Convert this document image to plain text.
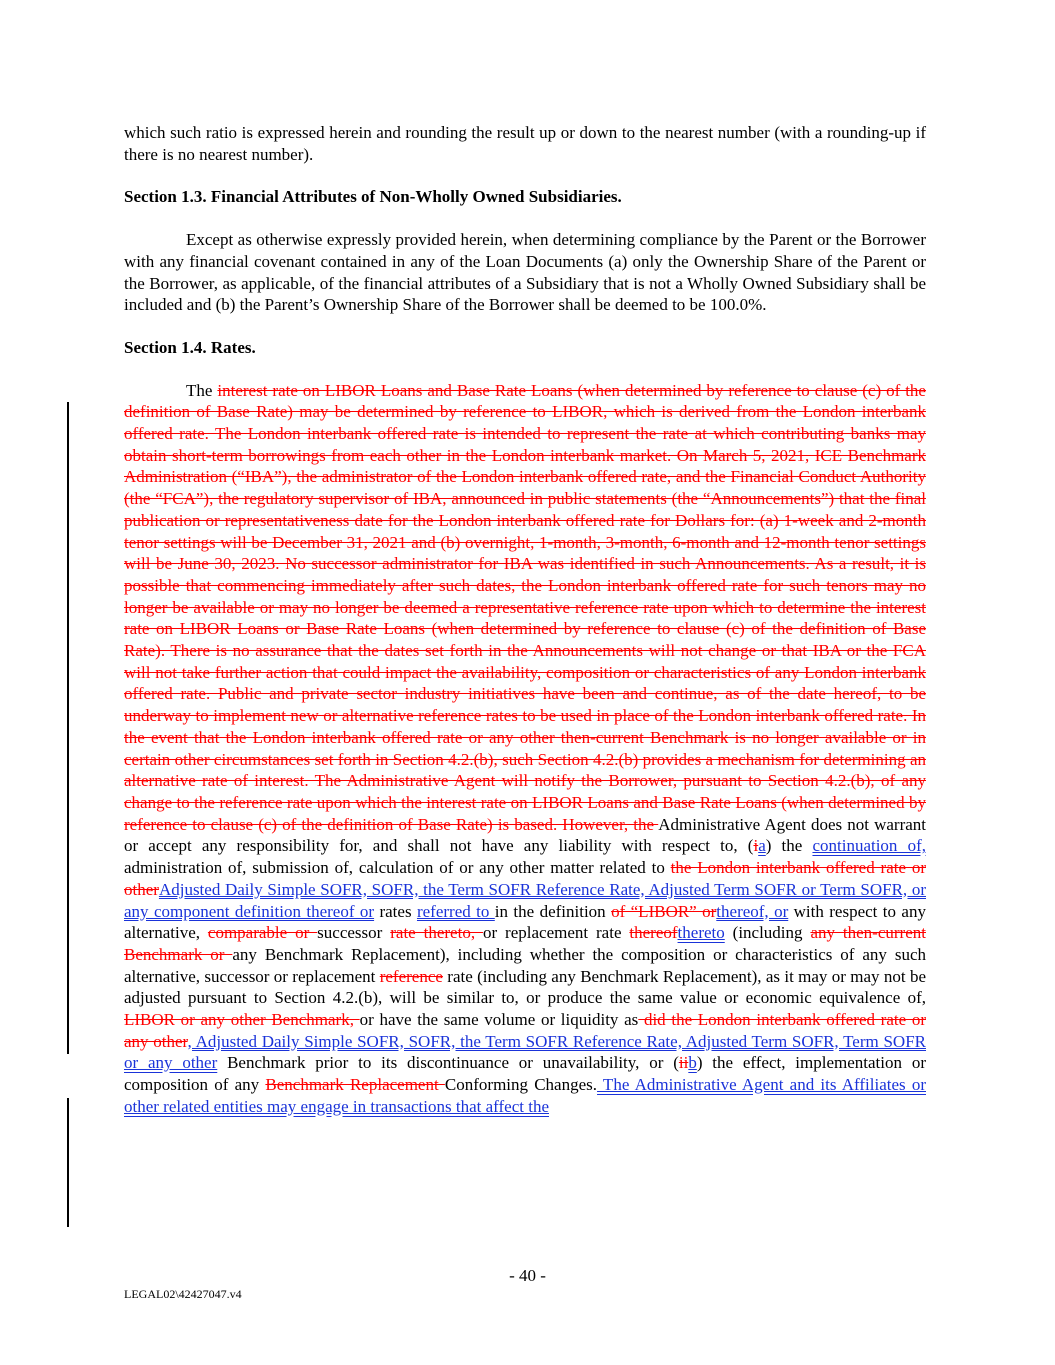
which such ratio is expressed herein and rounding the result up or down to the nearest number (with a rounding-up if there is no nearest number).

Section 1.3. Financial Attributes of Non-Wholly Owned Subsidiaries.

Except as otherwise expressly provided herein, when determining compliance by the Parent or the Borrower with any financial covenant contained in any of the Loan Documents (a) only the Ownership Share of the Parent or the Borrower, as applicable, of the financial attributes of a Subsidiary that is not a Wholly Owned Subsidiary shall be included and (b) the Parent’s Ownership Share of the Borrower shall be deemed to be 100.0%.

Section 1.4. Rates.

The interest rate on LIBOR Loans and Base Rate Loans (when determined by reference to clause (c) of the definition of Base Rate) may be determined by reference to LIBOR, which is derived from the London interbank offered rate. The London interbank offered rate is intended to represent the rate at which contributing banks may obtain short-term borrowings from each other in the London interbank market. On March 5, 2021, ICE Benchmark Administration (“IBA”), the administrator of the London interbank offered rate, and the Financial Conduct Authority (the “FCA”), the regulatory supervisor of IBA, announced in public statements (the “Announcements”) that the final publication or representativeness date for the London interbank offered rate for Dollars for: (a) 1-week and 2-month tenor settings will be December 31, 2021 and (b) overnight, 1-month, 3-month, 6-month and 12-month tenor settings will be June 30, 2023. No successor administrator for IBA was identified in such Announcements. As a result, it is possible that commencing immediately after such dates, the London interbank offered rate for such tenors may no longer be available or may no longer be deemed a representative reference rate upon which to determine the interest rate on LIBOR Loans or Base Rate Loans (when determined by reference to clause (c) of the definition of Base Rate). There is no assurance that the dates set forth in the Announcements will not change or that IBA or the FCA will not take further action that could impact the availability, composition or characteristics of any London interbank offered rate. Public and private sector industry initiatives have been and continue, as of the date hereof, to be underway to implement new or alternative reference rates to be used in place of the London interbank offered rate. In the event that the London interbank offered rate or any other then-current Benchmark is no longer available or in certain other circumstances set forth in Section 4.2.(b), such Section 4.2.(b) provides a mechanism for determining an alternative rate of interest. The Administrative Agent will notify the Borrower, pursuant to Section 4.2.(b), of any change to the reference rate upon which the interest rate on LIBOR Loans and Base Rate Loans (when determined by reference to clause (c) of the definition of Base Rate) is based. However, the Administrative Agent does not warrant or accept any responsibility for, and shall not have any liability with respect to, (ia) the continuation of, administration of, submission of, calculation of or any other matter related to the London interbank offered rate or otherAdjusted Daily Simple SOFR, SOFR, the Term SOFR Reference Rate, Adjusted Term SOFR or Term SOFR, or any component definition thereof or rates referred to in the definition of “LIBOR” orthereof, or with respect to any alternative, comparable or successor rate thereto, or replacement rate thereofthereto (including any then-current Benchmark or any Benchmark Replacement), including whether the composition or characteristics of any such alternative, successor or replacement reference rate (including any Benchmark Replacement), as it may or may not be adjusted pursuant to Section 4.2.(b), will be similar to, or produce the same value or economic equivalence of, LIBOR or any other Benchmark, or have the same volume or liquidity as did the London interbank offered rate or any other, Adjusted Daily Simple SOFR, SOFR, the Term SOFR Reference Rate, Adjusted Term SOFR, Term SOFR or any other Benchmark prior to its discontinuance or unavailability, or (iib) the effect, implementation or composition of any Benchmark Replacement Conforming Changes. The Administrative Agent and its Affiliates or other related entities may engage in transactions that affect the

- 40 -
LEGAL02\42427047.v4
